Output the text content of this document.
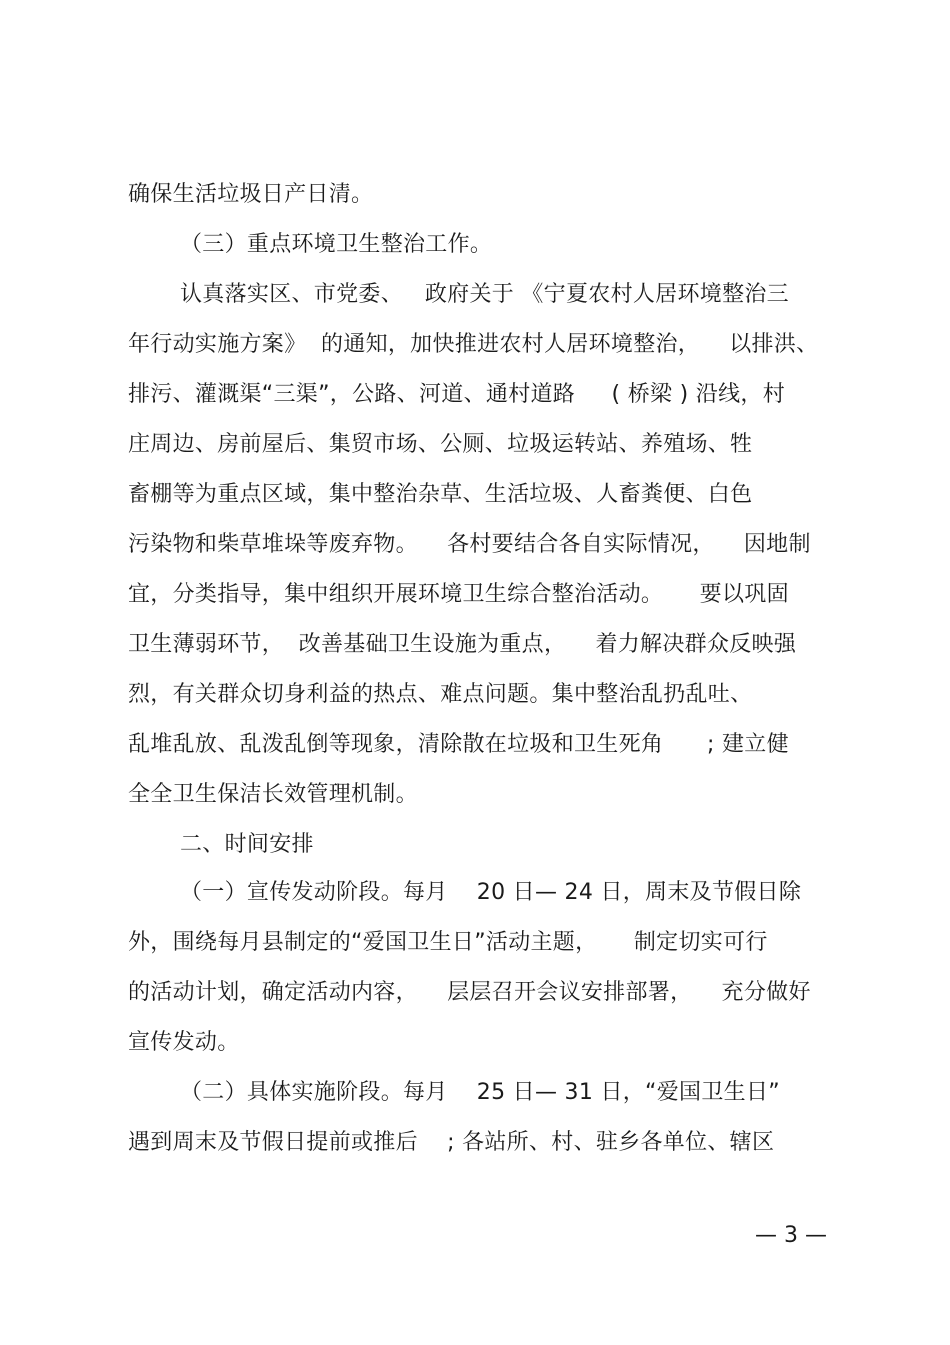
确保生活垃圾日产日清。
（三）重点环境卫生整治工作。
认真落实区、市党委、   政府关于 《宁夏农村人居环境整治三
年行动实施方案》  的通知，加快推进农村人居环境整治，    以排洪、
排污、灌溉渠“三渠”，公路、河道、通村道路     ( 桥梁 ) 沿线，村
庄周边、房前屋后、集贸市场、公厕、垃圾运转站、养殖场、牲
畜棚等为重点区域，集中整治杂草、生活垃圾、人畜粪便、白色
污染物和柴草堆垛等废弃物。    各村要结合各自实际情况，    因地制
宜，分类指导，集中组织开展环境卫生综合整治活动。     要以巩固
卫生薄弱环节，  改善基础卫生设施为重点，    着力解决群众反映强
烈，有关群众切身利益的热点、难点问题。集中整治乱扔乱吐、
乱堆乱放、乱泼乱倒等现象，清除散在垃圾和卫生死角      ; 建立健
全全卫生保洁长效管理机制。
二、时间安排
（一）宣传发动阶段。每月    20 日— 24 日，周末及节假日除
外，围绕每月县制定的“爱国卫生日”活动主题，     制定切实可行
的活动计划，确定活动内容，    层层召开会议安排部署，    充分做好
宣传发动。
（二）具体实施阶段。每月    25 日— 31 日，“爱国卫生日”
遇到周末及节假日提前或推后    ; 各站所、村、驻乡各单位、辖区
— 3 —
